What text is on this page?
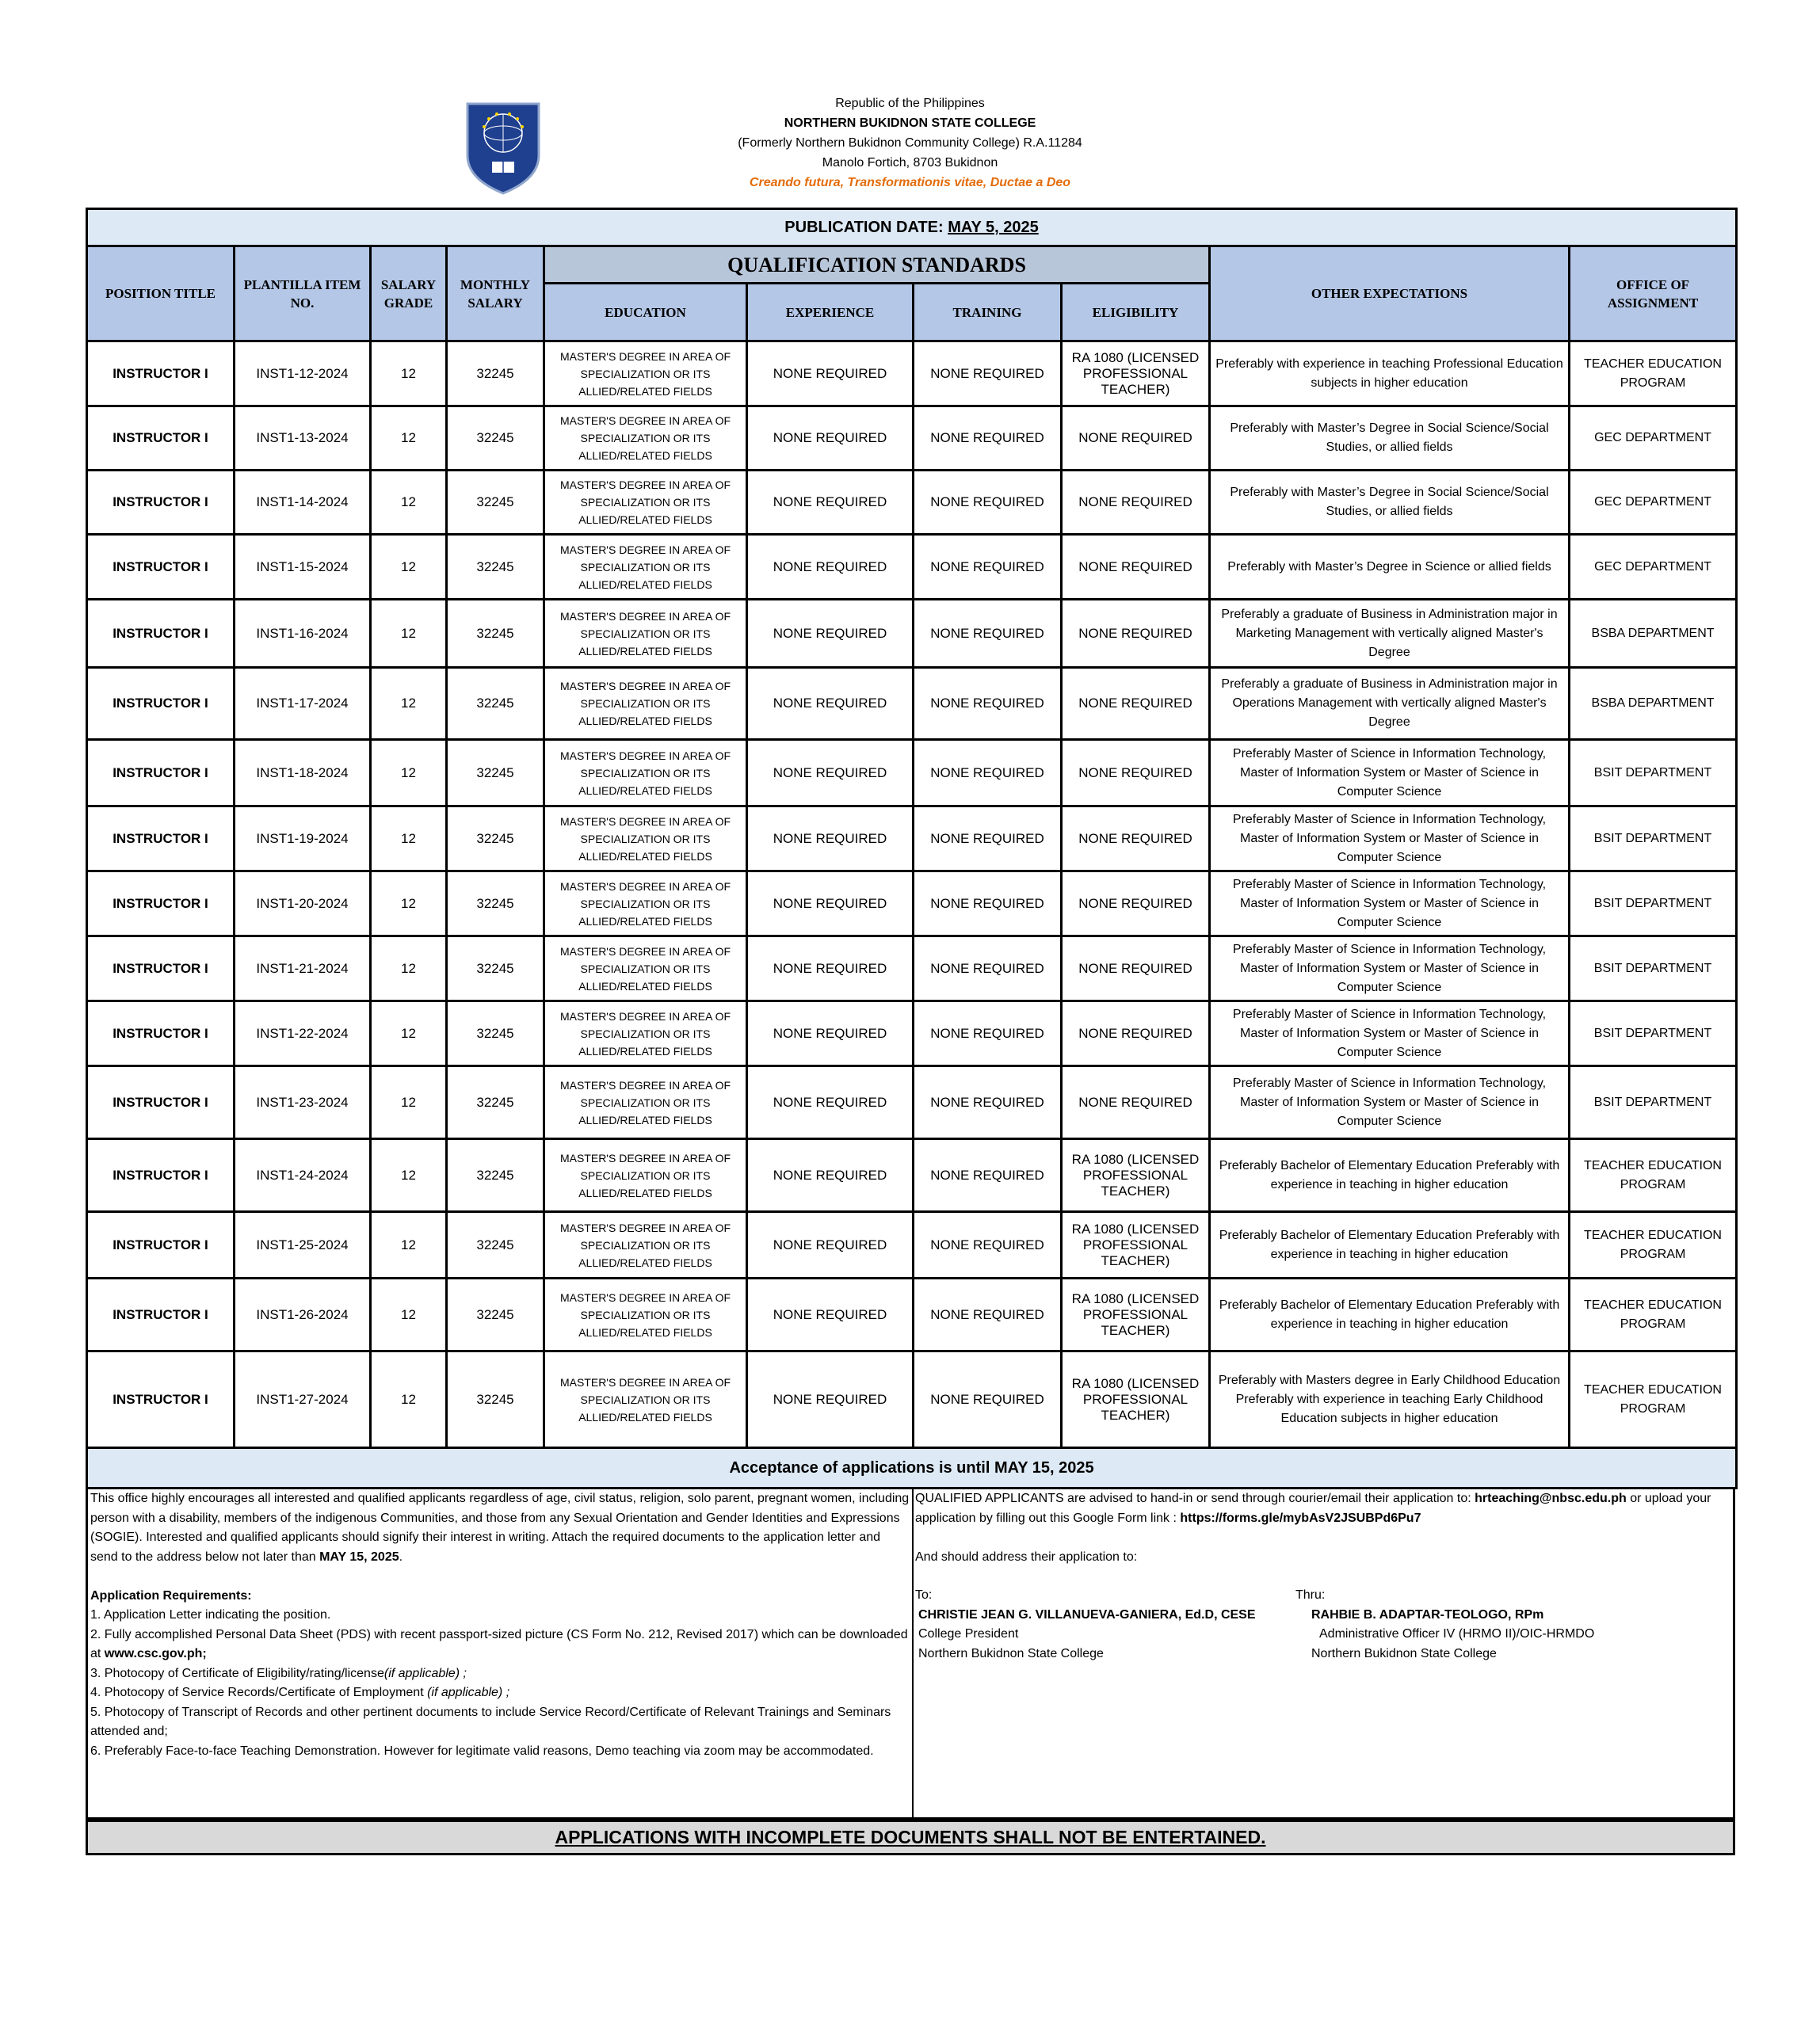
Republic of the Philippines
NORTHERN BUKIDNON STATE COLLEGE
(Formerly Northern Bukidnon Community College) R.A.11284
Manolo Fortich, 8703 Bukidnon
Creando futura, Transformationis vitae, Ductae a Deo
PUBLICATION DATE: MAY 5, 2025									
POSITION TITLE	PLANTILLA ITEM NO.	SALARY GRADE	MONTHLY SALARY	QUALIFICATION STANDARDS				OTHER EXPECTATIONS	OFFICE OF ASSIGNMENT
				EDUCATION	EXPERIENCE	TRAINING	ELIGIBILITY		
INSTRUCTOR I	INST1-12-2024	12	32245	MASTER'S DEGREE IN AREA OF SPECIALIZATION OR ITS ALLIED/RELATED FIELDS	NONE REQUIRED	NONE REQUIRED	RA 1080 (LICENSED PROFESSIONAL TEACHER)	Preferably with experience in teaching Professional Education subjects in higher education	TEACHER EDUCATION PROGRAM
INSTRUCTOR I	INST1-13-2024	12	32245	MASTER'S DEGREE IN AREA OF SPECIALIZATION OR ITS ALLIED/RELATED FIELDS	NONE REQUIRED	NONE REQUIRED	NONE REQUIRED	Preferably with Master’s Degree in Social Science/Social Studies, or allied fields	GEC DEPARTMENT
INSTRUCTOR I	INST1-14-2024	12	32245	MASTER'S DEGREE IN AREA OF SPECIALIZATION OR ITS ALLIED/RELATED FIELDS	NONE REQUIRED	NONE REQUIRED	NONE REQUIRED	Preferably with Master’s Degree in Social Science/Social Studies, or allied fields	GEC DEPARTMENT
INSTRUCTOR I	INST1-15-2024	12	32245	MASTER'S DEGREE IN AREA OF SPECIALIZATION OR ITS ALLIED/RELATED FIELDS	NONE REQUIRED	NONE REQUIRED	NONE REQUIRED	Preferably with Master’s Degree in Science or allied fields	GEC DEPARTMENT
INSTRUCTOR I	INST1-16-2024	12	32245	MASTER'S DEGREE IN AREA OF SPECIALIZATION OR ITS ALLIED/RELATED FIELDS	NONE REQUIRED	NONE REQUIRED	NONE REQUIRED	Preferably a graduate of Business in Administration major in Marketing Management with vertically aligned Master's Degree	BSBA DEPARTMENT
INSTRUCTOR I	INST1-17-2024	12	32245	MASTER'S DEGREE IN AREA OF SPECIALIZATION OR ITS ALLIED/RELATED FIELDS	NONE REQUIRED	NONE REQUIRED	NONE REQUIRED	Preferably a graduate of Business in Administration major in Operations Management with vertically aligned Master's Degree	BSBA DEPARTMENT
INSTRUCTOR I	INST1-18-2024	12	32245	MASTER'S DEGREE IN AREA OF SPECIALIZATION OR ITS ALLIED/RELATED FIELDS	NONE REQUIRED	NONE REQUIRED	NONE REQUIRED	Preferably Master of Science in Information Technology, Master of Information System or Master of Science in Computer Science	BSIT DEPARTMENT
INSTRUCTOR I	INST1-19-2024	12	32245	MASTER'S DEGREE IN AREA OF SPECIALIZATION OR ITS ALLIED/RELATED FIELDS	NONE REQUIRED	NONE REQUIRED	NONE REQUIRED	Preferably Master of Science in Information Technology, Master of Information System or Master of Science in Computer Science	BSIT DEPARTMENT
INSTRUCTOR I	INST1-20-2024	12	32245	MASTER'S DEGREE IN AREA OF SPECIALIZATION OR ITS ALLIED/RELATED FIELDS	NONE REQUIRED	NONE REQUIRED	NONE REQUIRED	Preferably Master of Science in Information Technology, Master of Information System or Master of Science in Computer Science	BSIT DEPARTMENT
INSTRUCTOR I	INST1-21-2024	12	32245	MASTER'S DEGREE IN AREA OF SPECIALIZATION OR ITS ALLIED/RELATED FIELDS	NONE REQUIRED	NONE REQUIRED	NONE REQUIRED	Preferably Master of Science in Information Technology, Master of Information System or Master of Science in Computer Science	BSIT DEPARTMENT
INSTRUCTOR I	INST1-22-2024	12	32245	MASTER'S DEGREE IN AREA OF SPECIALIZATION OR ITS ALLIED/RELATED FIELDS	NONE REQUIRED	NONE REQUIRED	NONE REQUIRED	Preferably Master of Science in Information Technology, Master of Information System or Master of Science in Computer Science	BSIT DEPARTMENT
INSTRUCTOR I	INST1-23-2024	12	32245	MASTER'S DEGREE IN AREA OF SPECIALIZATION OR ITS ALLIED/RELATED FIELDS	NONE REQUIRED	NONE REQUIRED	NONE REQUIRED	Preferably Master of Science in Information Technology, Master of Information System or Master of Science in Computer Science	BSIT DEPARTMENT
INSTRUCTOR I	INST1-24-2024	12	32245	MASTER'S DEGREE IN AREA OF SPECIALIZATION OR ITS ALLIED/RELATED FIELDS	NONE REQUIRED	NONE REQUIRED	RA 1080 (LICENSED PROFESSIONAL TEACHER)	Preferably Bachelor of Elementary Education Preferably with experience in teaching in higher education	TEACHER EDUCATION PROGRAM
INSTRUCTOR I	INST1-25-2024	12	32245	MASTER'S DEGREE IN AREA OF SPECIALIZATION OR ITS ALLIED/RELATED FIELDS	NONE REQUIRED	NONE REQUIRED	RA 1080 (LICENSED PROFESSIONAL TEACHER)	Preferably Bachelor of Elementary Education Preferably with experience in teaching in higher education	TEACHER EDUCATION PROGRAM
INSTRUCTOR I	INST1-26-2024	12	32245	MASTER'S DEGREE IN AREA OF SPECIALIZATION OR ITS ALLIED/RELATED FIELDS	NONE REQUIRED	NONE REQUIRED	RA 1080 (LICENSED PROFESSIONAL TEACHER)	Preferably Bachelor of Elementary Education Preferably with experience in teaching in higher education	TEACHER EDUCATION PROGRAM
INSTRUCTOR I	INST1-27-2024	12	32245	MASTER'S DEGREE IN AREA OF SPECIALIZATION OR ITS ALLIED/RELATED FIELDS	NONE REQUIRED	NONE REQUIRED	RA 1080 (LICENSED PROFESSIONAL TEACHER)	Preferably with Masters degree in Early Childhood Education Preferably with experience in teaching Early Childhood Education subjects in higher education	TEACHER EDUCATION PROGRAM
Acceptance of applications is until MAY 15, 2025									

This office highly encourages all interested and qualified applicants regardless of age, civil status, religion, solo parent, pregnant women, including person with a disability, members of the indigenous Communities, and those from any Sexual Orientation and Gender Identities and Expressions (SOGIE). Interested and qualified applicants should signify their interest in writing. Attach the required documents to the application letter and send to the address below not later than MAY 15, 2025.

Application Requirements:

1. Application Letter indicating the position.

2. Fully accomplished Personal Data Sheet (PDS) with recent passport-sized picture (CS Form No. 212, Revised 2017) which can be downloaded at www.csc.gov.ph;

3. Photocopy of Certificate of Eligibility/rating/license(if applicable) ;

4. Photocopy of Service Records/Certificate of Employment (if applicable) ;

5. Photocopy of Transcript of Records and other pertinent documents to include Service Record/Certificate of Relevant Trainings and Seminars attended and;

6. Preferably Face-to-face Teaching Demonstration. However for legitimate valid reasons, Demo teaching via zoom may be accommodated.

QUALIFIED APPLICANTS are advised to hand-in or send through courier/email their application to: hrteaching@nbsc.edu.ph or upload your application by filling out this Google Form link : https://forms.gle/mybAsV2JSUBPd6Pu7

And should address their application to:

To:

CHRISTIE JEAN G. VILLANUEVA-GANIERA, Ed.D, CESE

College President

Northern Bukidnon State College

Thru:

RAHBIE B. ADAPTAR-TEOLOGO, RPm

Administrative Officer IV (HRMO II)/OIC-HRMDO

Northern Bukidnon State College

APPLICATIONS WITH INCOMPLETE DOCUMENTS SHALL NOT BE ENTERTAINED.
